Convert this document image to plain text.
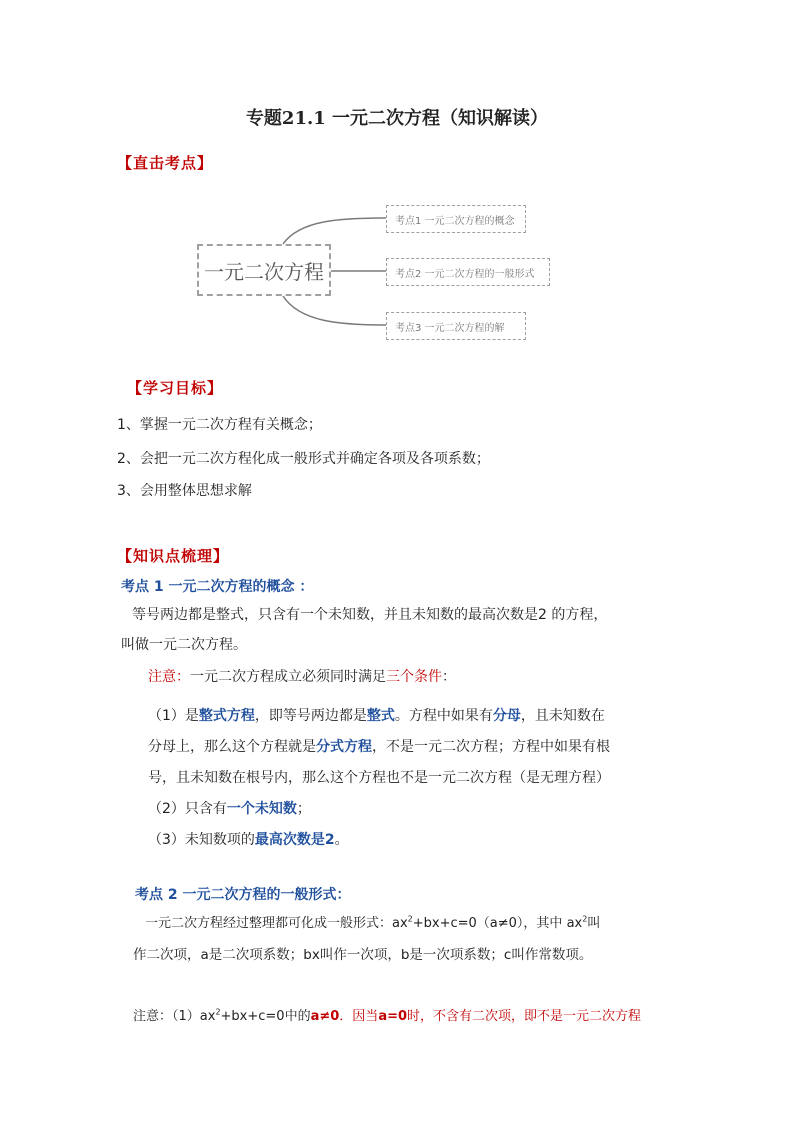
专题21.1 一元二次方程（知识解读）
【直击考点】
一元二次方程
考点1 一元二次方程的概念
考点2 一元二次方程的一般形式
考点3 一元二次方程的解
【学习目标】
1、掌握一元二次方程有关概念；
2、会把一元二次方程化成一般形式并确定各项及各项系数；
3、会用整体思想求解
【知识点梳理】
考点 1 一元二次方程的概念 ：
等号两边都是整式，只含有一个未知数，并且未知数的最高次数是2 的方程，
叫做一元二次方程。
注意：一元二次方程成立必须同时满足三个条件：
（1）是整式方程，即等号两边都是整式。方程中如果有分母，且未知数在
分母上，那么这个方程就是分式方程，不是一元二次方程；方程中如果有根
号，且未知数在根号内，那么这个方程也不是一元二次方程（是无理方程）
（2）只含有一个未知数；
（3）未知数项的最高次数是2。
考点 2 一元二次方程的一般形式：
一元二次方程经过整理都可化成一般形式：$ax^2+bx+c=0(a\ne 0)$，其中 $ax^2$叫
作二次项，a是二次项系数；bx叫作一次项，b是一次项系数；c叫作常数项。
注意：$(1)ax^2+bx+c=0$中的a≠0．因当a=0时，不含有二次项，即不是一元二次方程
